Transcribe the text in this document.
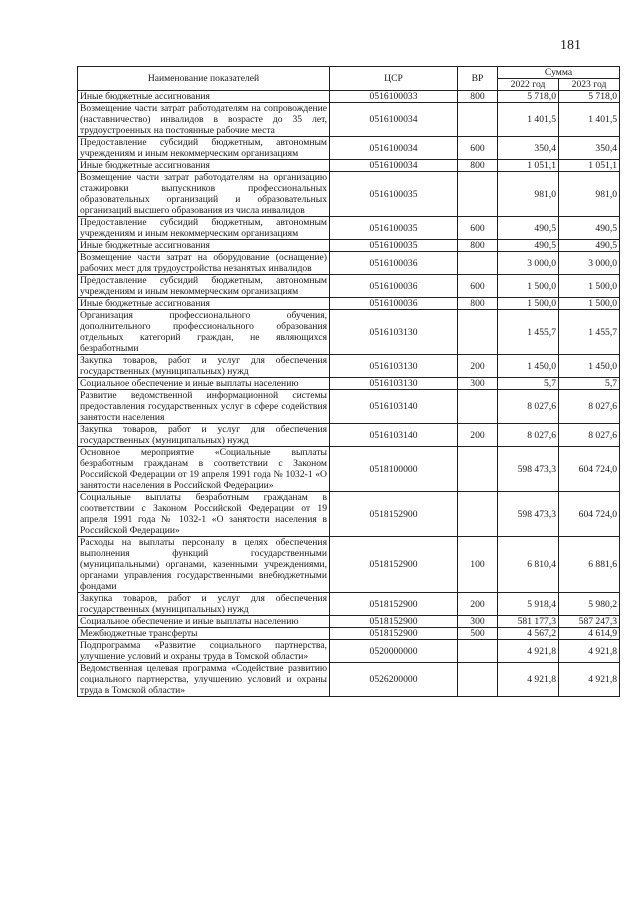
181
Наименование показателей	ЦСР	ВР	Сумма	
			2022 год	2023 год
Иные бюджетные ассигнования	0516100033	800	5 718,0	5 718,0
Возмещение части затрат работодателям на сопровождение (наставничество) инвалидов в возрасте до 35 лет, трудоустроенных на постоянные рабочие места	0516100034		1 401,5	1 401,5
Предоставление субсидий бюджетным, автономным учреждениям и иным некоммерческим организациям	0516100034	600	350,4	350,4
Иные бюджетные ассигнования	0516100034	800	1 051,1	1 051,1
Возмещение части затрат работодателям на организацию стажировки выпускников профессиональных образовательных организаций и образовательных организаций высшего образования из числа инвалидов	0516100035		981,0	981,0
Предоставление субсидий бюджетным, автономным учреждениям и иным некоммерческим организациям	0516100035	600	490,5	490,5
Иные бюджетные ассигнования	0516100035	800	490,5	490,5
Возмещение части затрат на оборудование (оснащение) рабочих мест для трудоустройства незанятых инвалидов	0516100036		3 000,0	3 000,0
Предоставление субсидий бюджетным, автономным учреждениям и иным некоммерческим организациям	0516100036	600	1 500,0	1 500,0
Иные бюджетные ассигнования	0516100036	800	1 500,0	1 500,0
Организация профессионального обучения, дополнительного профессионального образования отдельных категорий граждан, не являющихся безработными	0516103130		1 455,7	1 455,7
Закупка товаров, работ и услуг для обеспечения государственных (муниципальных) нужд	0516103130	200	1 450,0	1 450,0
Социальное обеспечение и иные выплаты населению	0516103130	300	5,7	5,7
Развитие ведомственной информационной системы предоставления государственных услуг в сфере содействия занятости населения	0516103140		8 027,6	8 027,6
Закупка товаров, работ и услуг для обеспечения государственных (муниципальных) нужд	0516103140	200	8 027,6	8 027,6
Основное мероприятие «Социальные выплаты безработным гражданам в соответствии с Законом Российской Федерации от 19 апреля 1991 года № 1032-1 «О занятости населения в Российской Федерации»	0518100000		598 473,3	604 724,0
Социальные выплаты безработным гражданам в соответствии с Законом Российской Федерации от 19 апреля 1991 года № 1032-1 «О занятости населения в Российской Федерации»	0518152900		598 473,3	604 724,0
Расходы на выплаты персоналу в целях обеспечения выполнения функций государственными (муниципальными) органами, казенными учреждениями, органами управления государственными внебюджетными фондами	0518152900	100	6 810,4	6 881,6
Закупка товаров, работ и услуг для обеспечения государственных (муниципальных) нужд	0518152900	200	5 918,4	5 980,2
Социальное обеспечение и иные выплаты населению	0518152900	300	581 177,3	587 247,3
Межбюджетные трансферты	0518152900	500	4 567,2	4 614,9
Подпрограмма «Развитие социального партнерства, улучшение условий и охраны труда в Томской области»	0520000000		4 921,8	4 921,8
Ведомственная целевая программа «Содействие развитию социального партнерства, улучшению условий и охраны труда в Томской области»	0526200000		4 921,8	4 921,8
